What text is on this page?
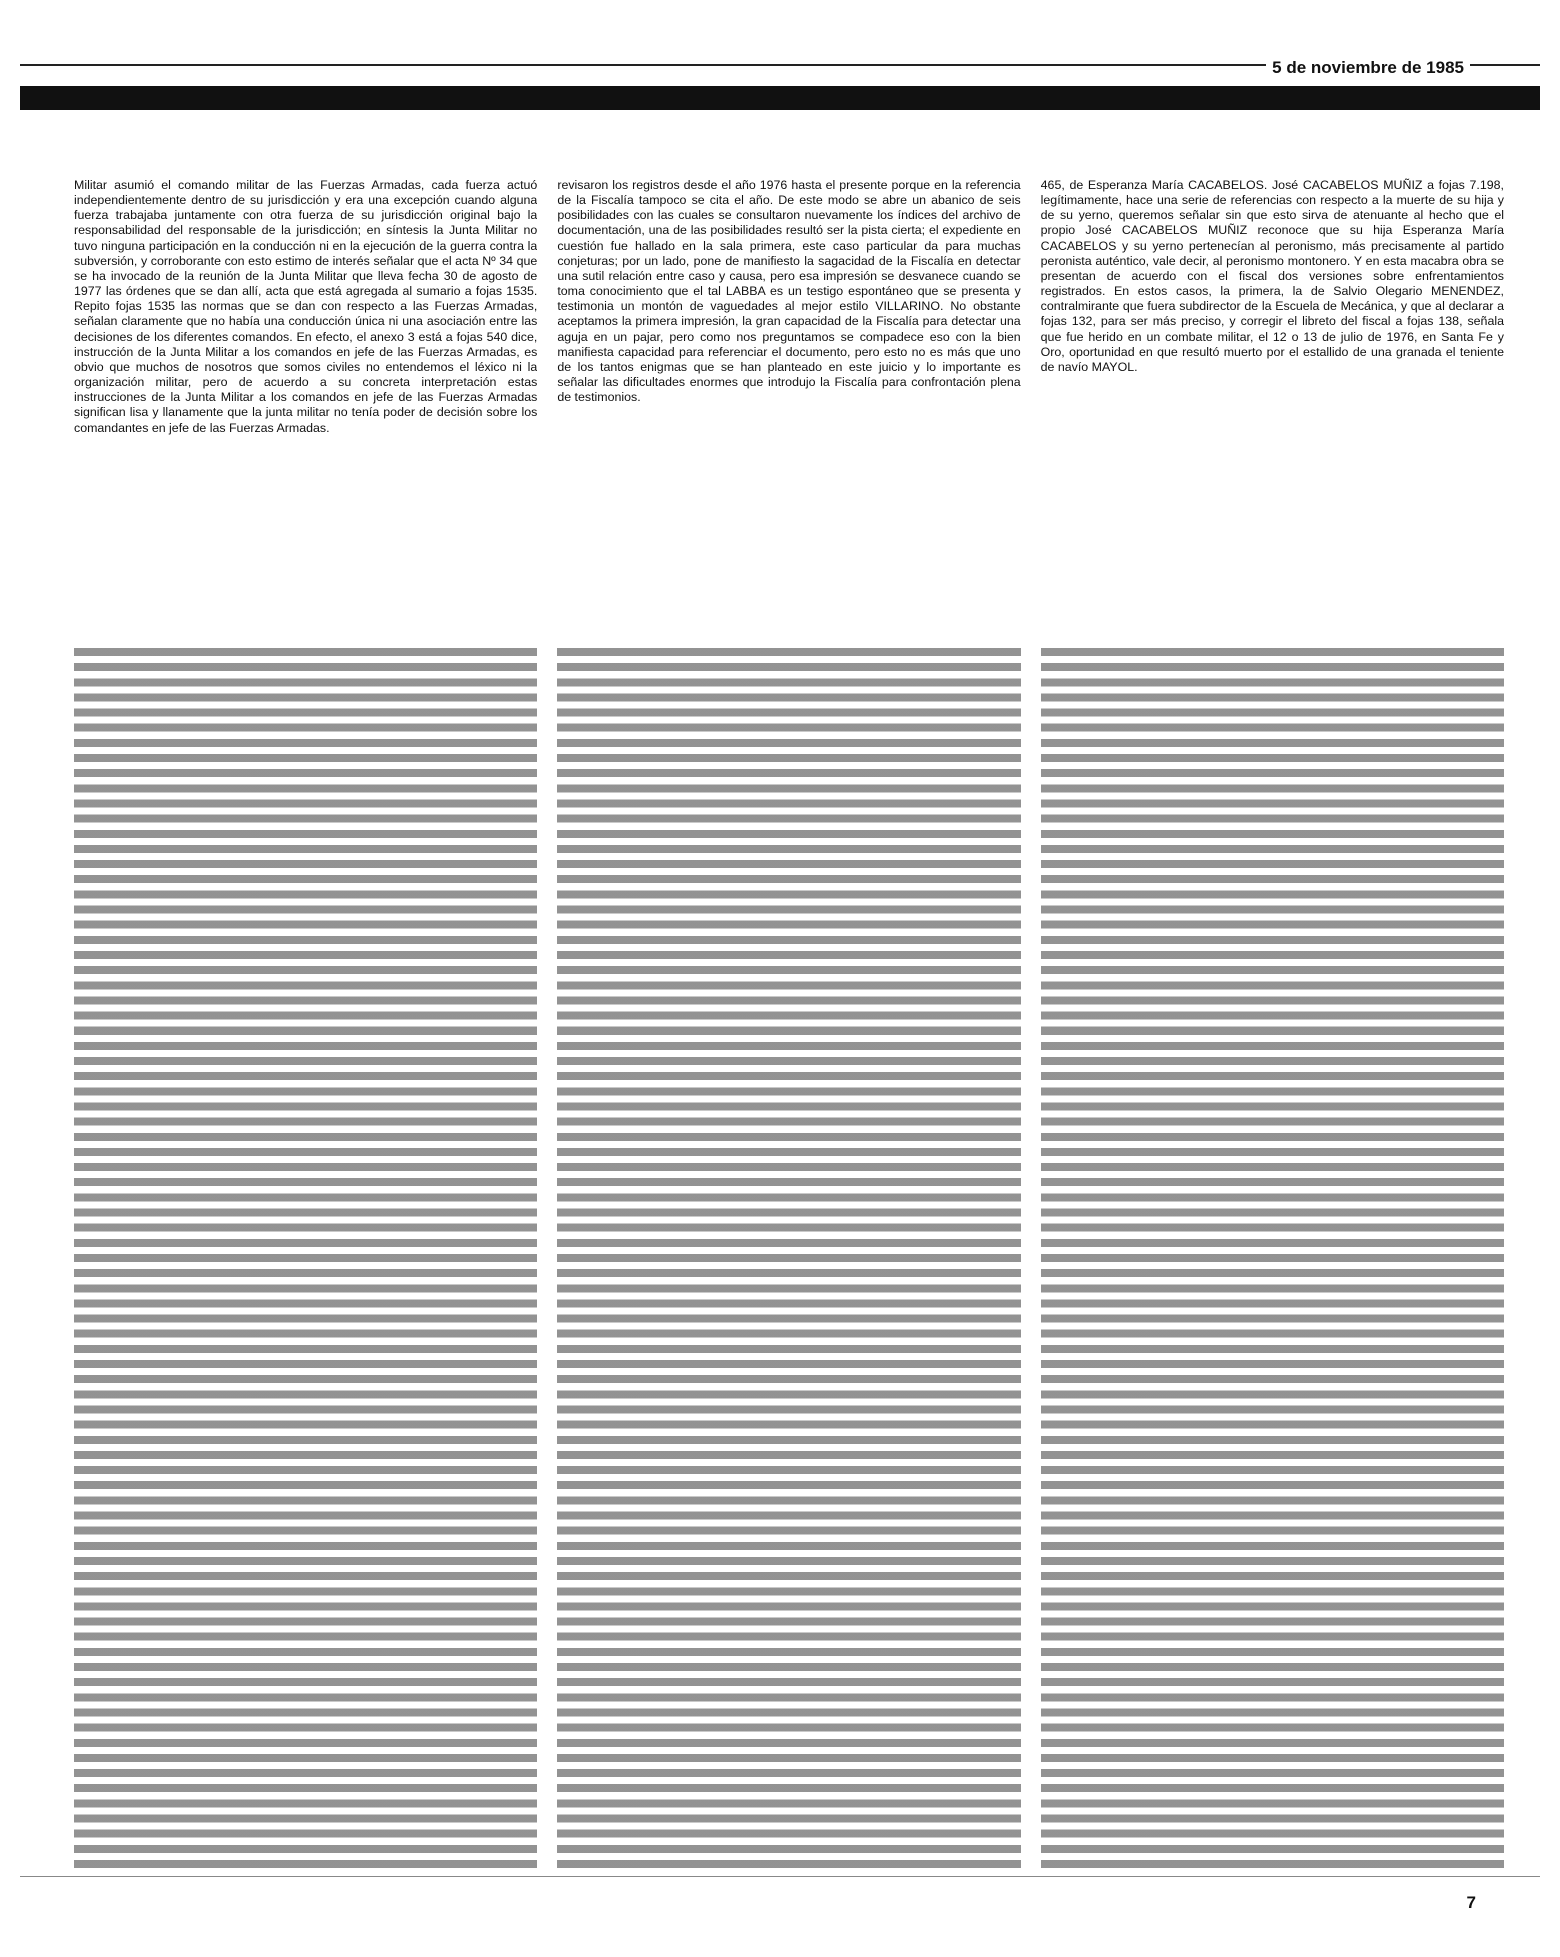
5 de noviembre de 1985

Militar asumió el comando militar de las Fuerzas Armadas, cada fuerza actuó independientemente dentro de su jurisdicción y era una excepción cuando alguna fuerza trabajaba juntamente con otra fuerza de su jurisdicción original bajo la responsabilidad del responsable de la jurisdicción; en síntesis la Junta Militar no tuvo ninguna participación en la conducción ni en la ejecución de la guerra contra la subversión, y corroborante con esto estimo de interés señalar que el acta Nº 34 que se ha invocado de la reunión de la Junta Militar que lleva fecha 30 de agosto de 1977 las órdenes que se dan allí, acta que está agregada al sumario a fojas 1535. Repito fojas 1535 las normas que se dan con respecto a las Fuerzas Armadas, señalan claramente que no había una conducción única ni una asociación entre las decisiones de los diferentes comandos. En efecto, el anexo 3 está a fojas 540 dice, instrucción de la Junta Militar a los comandos en jefe de las Fuerzas Armadas, es obvio que muchos de nosotros que somos civiles no entendemos el léxico ni la organización militar, pero de acuerdo a su concreta interpretación estas instrucciones de la Junta Militar a los comandos en jefe de las Fuerzas Armadas significan lisa y llanamente que la junta militar no tenía poder de decisión sobre los comandantes en jefe de las Fuerzas Armadas.

revisaron los registros desde el año 1976 hasta el presente porque en la referencia de la Fiscalía tampoco se cita el año. De este modo se abre un abanico de seis posibilidades con las cuales se consultaron nuevamente los índices del archivo de documentación, una de las posibilidades resultó ser la pista cierta; el expediente en cuestión fue hallado en la sala primera, este caso particular da para muchas conjeturas; por un lado, pone de manifiesto la sagacidad de la Fiscalía en detectar una sutil relación entre caso y causa, pero esa impresión se desvanece cuando se toma conocimiento que el tal LABBA es un testigo espontáneo que se presenta y testimonia un montón de vaguedades al mejor estilo VILLARINO. No obstante aceptamos la primera impresión, la gran capacidad de la Fiscalía para detectar una aguja en un pajar, pero como nos preguntamos se compadece eso con la bien manifiesta capacidad para referenciar el documento, pero esto no es más que uno de los tantos enigmas que se han planteado en este juicio y lo importante es señalar las dificultades enormes que introdujo la Fiscalía para confrontación plena de testimonios.

465, de Esperanza María CACABELOS. José CACABELOS MUÑIZ a fojas 7.198, legítimamente, hace una serie de referencias con respecto a la muerte de su hija y de su yerno, queremos señalar sin que esto sirva de atenuante al hecho que el propio José CACABELOS MUÑIZ reconoce que su hija Esperanza María CACABELOS y su yerno pertenecían al peronismo, más precisamente al partido peronista auténtico, vale decir, al peronismo montonero. Y en esta macabra obra se presentan de acuerdo con el fiscal dos versiones sobre enfrentamientos registrados. En estos casos, la primera, la de Salvio Olegario MENENDEZ, contralmirante que fuera subdirector de la Escuela de Mecánica, y que al declarar a fojas 132, para ser más preciso, y corregir el libreto del fiscal a fojas 138, señala que fue herido en un combate militar, el 12 o 13 de julio de 1976, en Santa Fe y Oro, oportunidad en que resultó muerto por el estallido de una granada el teniente de navío MAYOL.

7
